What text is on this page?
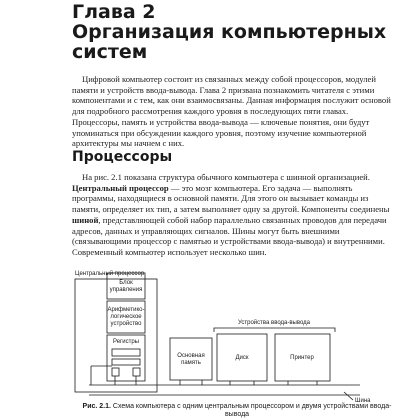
Глава 2
Организация компьютерных
систем

Цифровой компьютер состоит из связанных между собой процессоров, модулей памяти и устройств ввода-вывода. Глава 2 призвана познакомить читателя с этими компонентами и с тем, как они взаимосвязаны. Данная информация послужит основой для подробного рассмотрения каждого уровня в последующих пяти главах. Процессоры, память и устройства ввода-вывода — ключевые понятия, они будут упоминаться при обсуждении каждого уровня, поэтому изучение компьютерной архитектуры мы начнем с них.

Процессоры

На рис. 2.1 показана структура обычного компьютера с шинной организацией. Центральный процессор — это мозг компьютера. Его задача — выполнять программы, находящиеся в основной памяти. Для этого он вызывает команды из памяти, определяет их тип, а затем выполняет одну за другой. Компоненты соединены шиной, представляющей собой набор параллельно связанных проводов для передачи адресов, данных и управляющих сигналов. Шины могут быть внешними (связывающими процессор с памятью и устройствами ввода-вывода) и внутренними. Современный компьютер использует несколько шин.

Центральный процессор
Блок
управления
Арифметико-
логическое
устройство
Регистры
Основная
память
Устройства ввода-вывода
Диск	Принтер
Шина

Рис. 2.1. Схема компьютера с одним центральным процессором и двумя устройствами ввода-вывода
